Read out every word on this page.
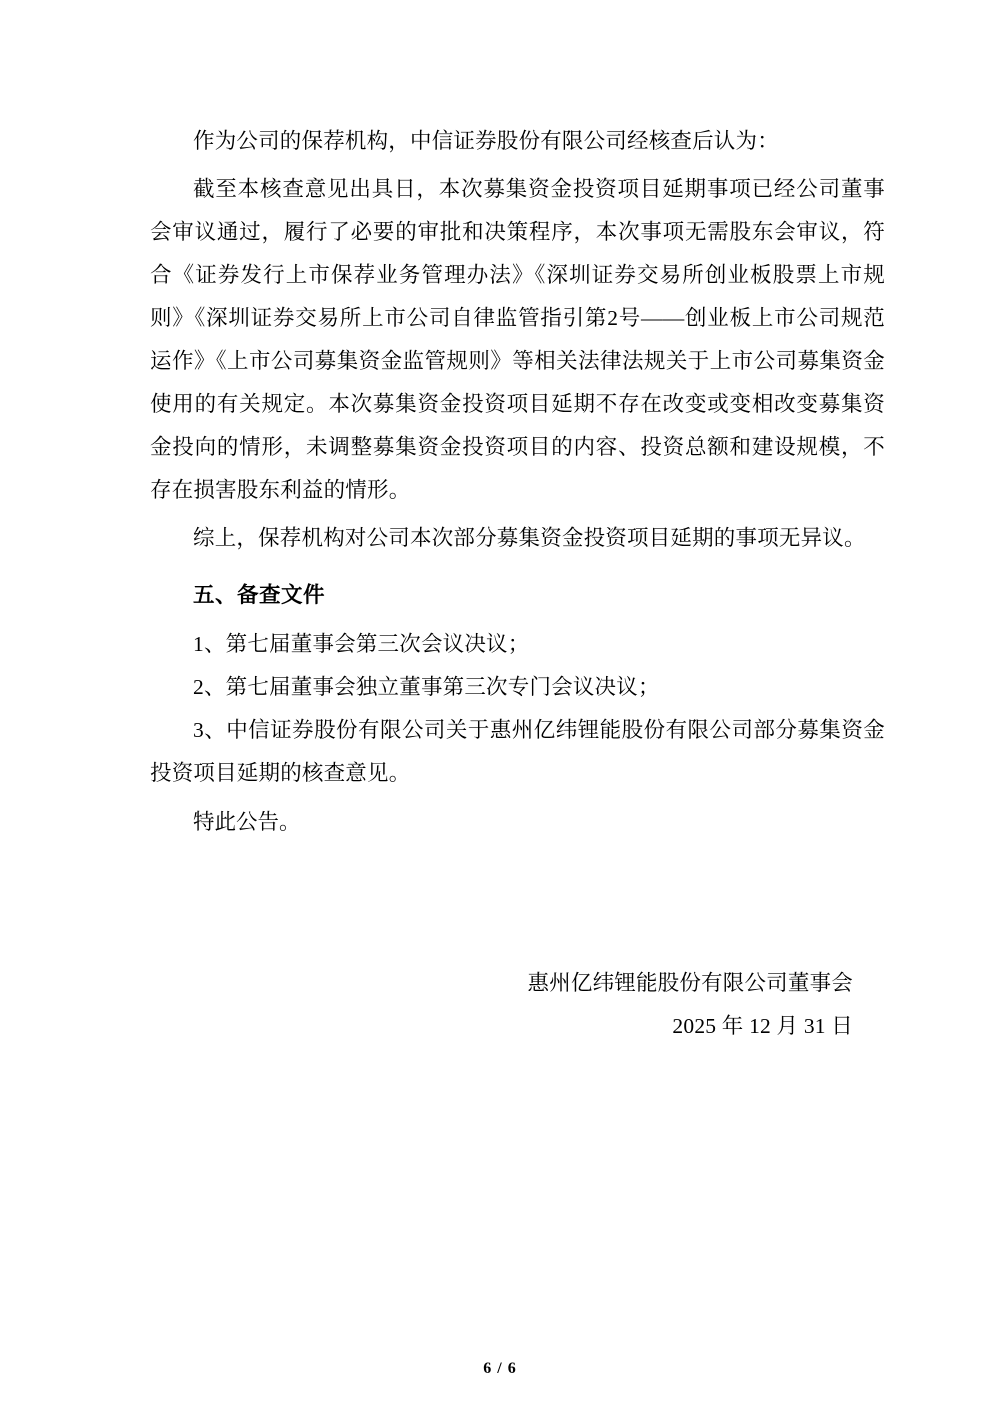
作为公司的保荐机构，中信证券股份有限公司经核查后认为：

截至本核查意见出具日，本次募集资金投资项目延期事项已经公司董事会审议通过，履行了必要的审批和决策程序，本次事项无需股东会审议，符合《证券发行上市保荐业务管理办法》《深圳证券交易所创业板股票上市规则》《深圳证券交易所上市公司自律监管指引第2号——创业板上市公司规范运作》《上市公司募集资金监管规则》等相关法律法规关于上市公司募集资金使用的有关规定。本次募集资金投资项目延期不存在改变或变相改变募集资金投向的情形，未调整募集资金投资项目的内容、投资总额和建设规模，不存在损害股东利益的情形。

综上，保荐机构对公司本次部分募集资金投资项目延期的事项无异议。

五、备查文件

1、第七届董事会第三次会议决议；

2、第七届董事会独立董事第三次专门会议决议；

3、中信证券股份有限公司关于惠州亿纬锂能股份有限公司部分募集资金投资项目延期的核查意见。

特此公告。

惠州亿纬锂能股份有限公司董事会
2025 年 12 月 31 日
6 / 6
